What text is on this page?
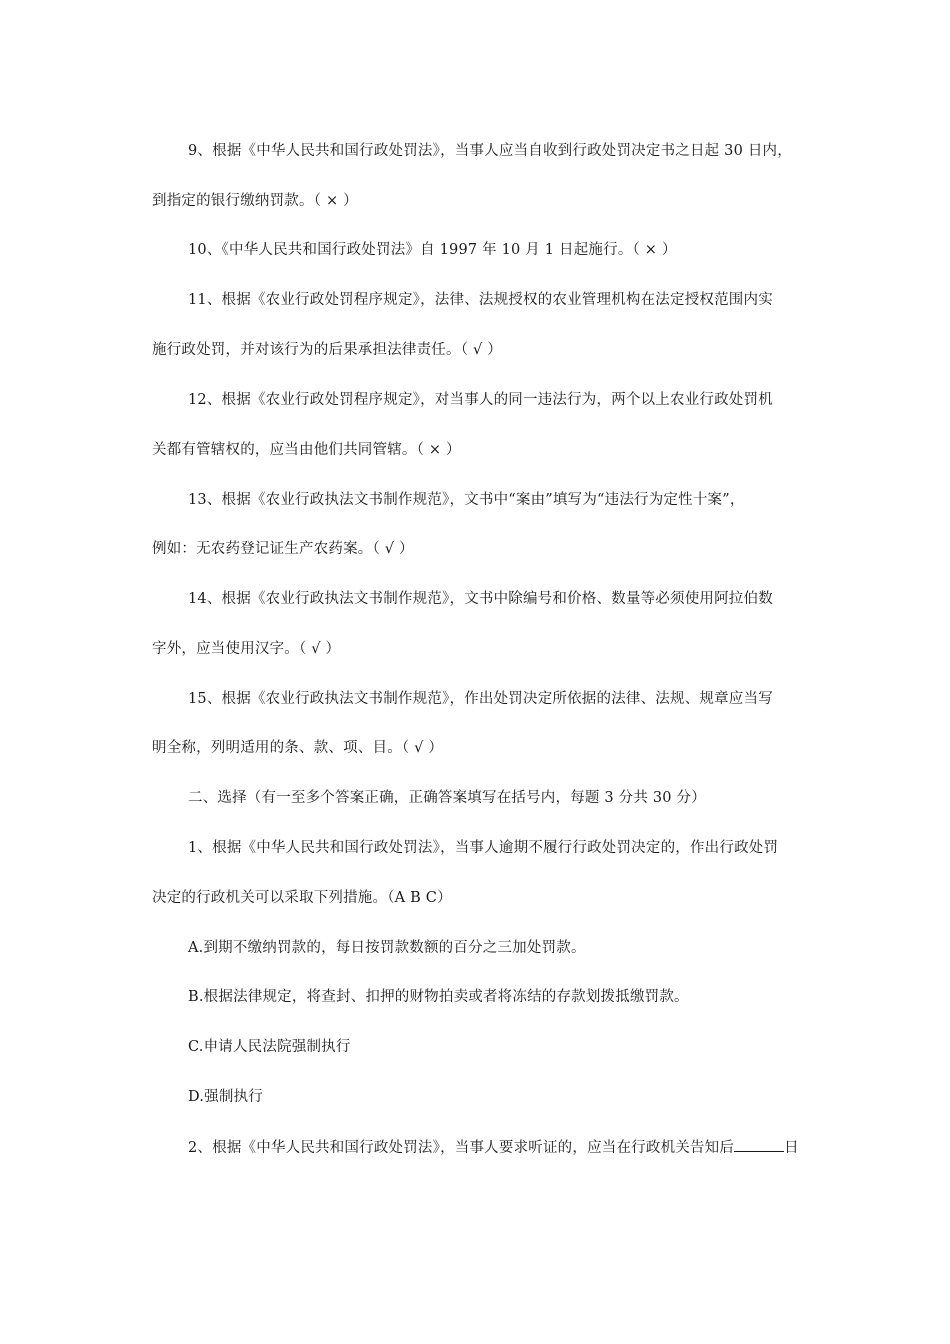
9、根据《中华人民共和国行政处罚法》，当事人应当自收到行政处罚决定书之日起 30 日内，
到指定的银行缴纳罚款。（ × ）
10、《中华人民共和国行政处罚法》自 1997 年 10 月 1 日起施行。（ × ）
11、根据《农业行政处罚程序规定》，法律、法规授权的农业管理机构在法定授权范围内实
施行政处罚，并对该行为的后果承担法律责任。（ √ ）
12、根据《农业行政处罚程序规定》，对当事人的同一违法行为，两个以上农业行政处罚机
关都有管辖权的，应当由他们共同管辖。（ × ）
13、根据《农业行政执法文书制作规范》，文书中“案由”填写为“违法行为定性十案”，
例如：无农药登记证生产农药案。（ √ ）
14、根据《农业行政执法文书制作规范》，文书中除编号和价格、数量等必须使用阿拉伯数
字外，应当使用汉字。（ √ ）
15、根据《农业行政执法文书制作规范》，作出处罚决定所依据的法律、法规、规章应当写
明全称，列明适用的条、款、项、目。（ √ ）
二、选择（有一至多个答案正确，正确答案填写在括号内，每题 3 分共 30 分）
1、根据《中华人民共和国行政处罚法》，当事人逾期不履行行政处罚决定的，作出行政处罚
决定的行政机关可以采取下列措施。（A B C）
A.到期不缴纳罚款的，每日按罚款数额的百分之三加处罚款。
B.根据法律规定，将查封、扣押的财物拍卖或者将冻结的存款划拨抵缴罚款。
C.申请人民法院强制执行
D.强制执行
2、根据《中华人民共和国行政处罚法》，当事人要求听证的，应当在行政机关告知后	日
